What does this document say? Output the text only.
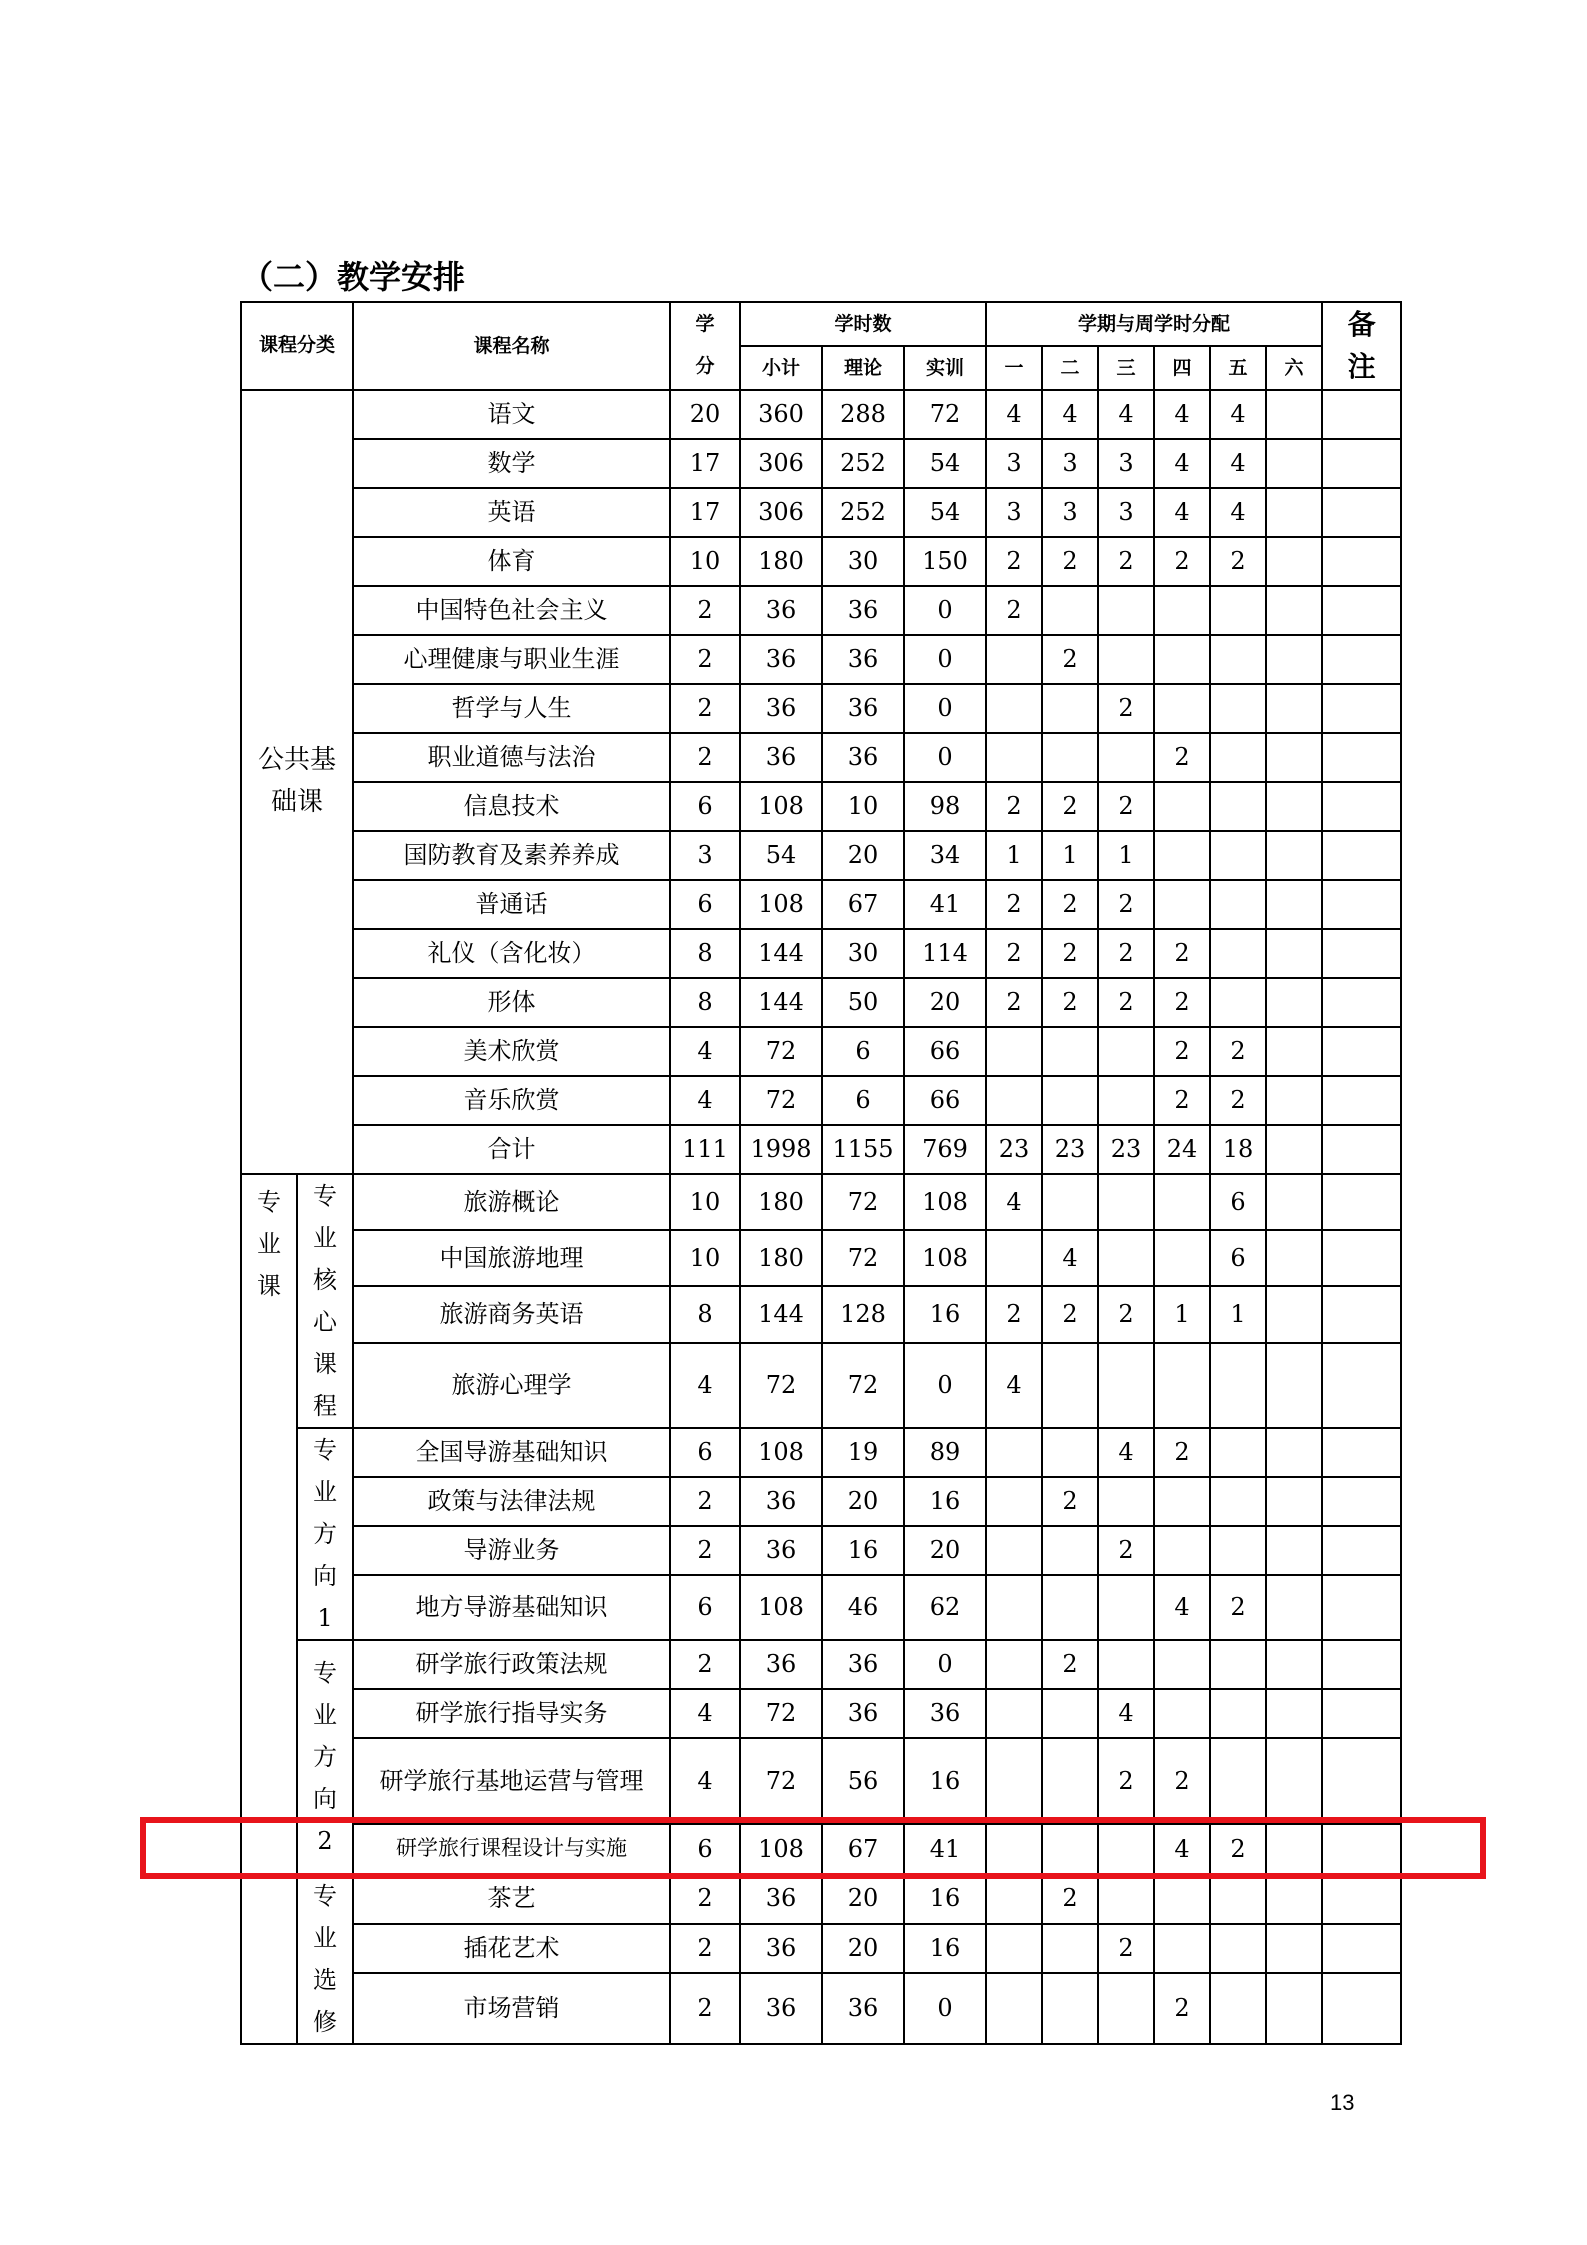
（二）教学安排
课程分类		课程名称	学分	学时数			学期与周学时分配						备注

				小计	理论	实训	一	二	三	四	五	六	

公共基础课		语文	20	360	288	72	4	4	4	4	4		
		数学	17	306	252	54	3	3	3	4	4		
		英语	17	306	252	54	3	3	3	4	4		
		体育	10	180	30	150	2	2	2	2	2		
		中国特色社会主义	2	36	36	0	2						
		心理健康与职业生涯	2	36	36	0		2					
		哲学与人生	2	36	36	0			2				
		职业道德与法治	2	36	36	0				2			
		信息技术	6	108	10	98	2	2	2				
		国防教育及素养养成	3	54	20	34	1	1	1				
		普通话	6	108	67	41	2	2	2				
		礼仪（含化妆）	8	144	30	114	2	2	2	2			
		形体	8	144	50	20	2	2	2	2			
		美术欣赏	4	72	6	66				2	2		
		音乐欣赏	4	72	6	66				2	2		
		合计	111	1998	1155	769	23	23	23	24	18		

专业课	专业核心课程	旅游概论	10	180	72	108	4				6		
		中国旅游地理	10	180	72	108		4			6		
		旅游商务英语	8	144	128	16	2	2	2	1	1		
		旅游心理学	4	72	72	0	4						

	专业方向1	全国导游基础知识	6	108	19	89			4	2			
		政策与法律法规	2	36	20	16		2					
		导游业务	2	36	16	20			2				
		地方导游基础知识	6	108	46	62				4	2		

	专业方向2	研学旅行政策法规	2	36	36	0		2					
		研学旅行指导实务	4	72	36	36			4				
		研学旅行基地运营与管理	4	72	56	16			2	2			
		研学旅行课程设计与实施	6	108	67	41				4	2		

	专业选修	茶艺	2	36	20	16		2					
		插花艺术	2	36	20	16			2				
		市场营销	2	36	36	0				2			
13
